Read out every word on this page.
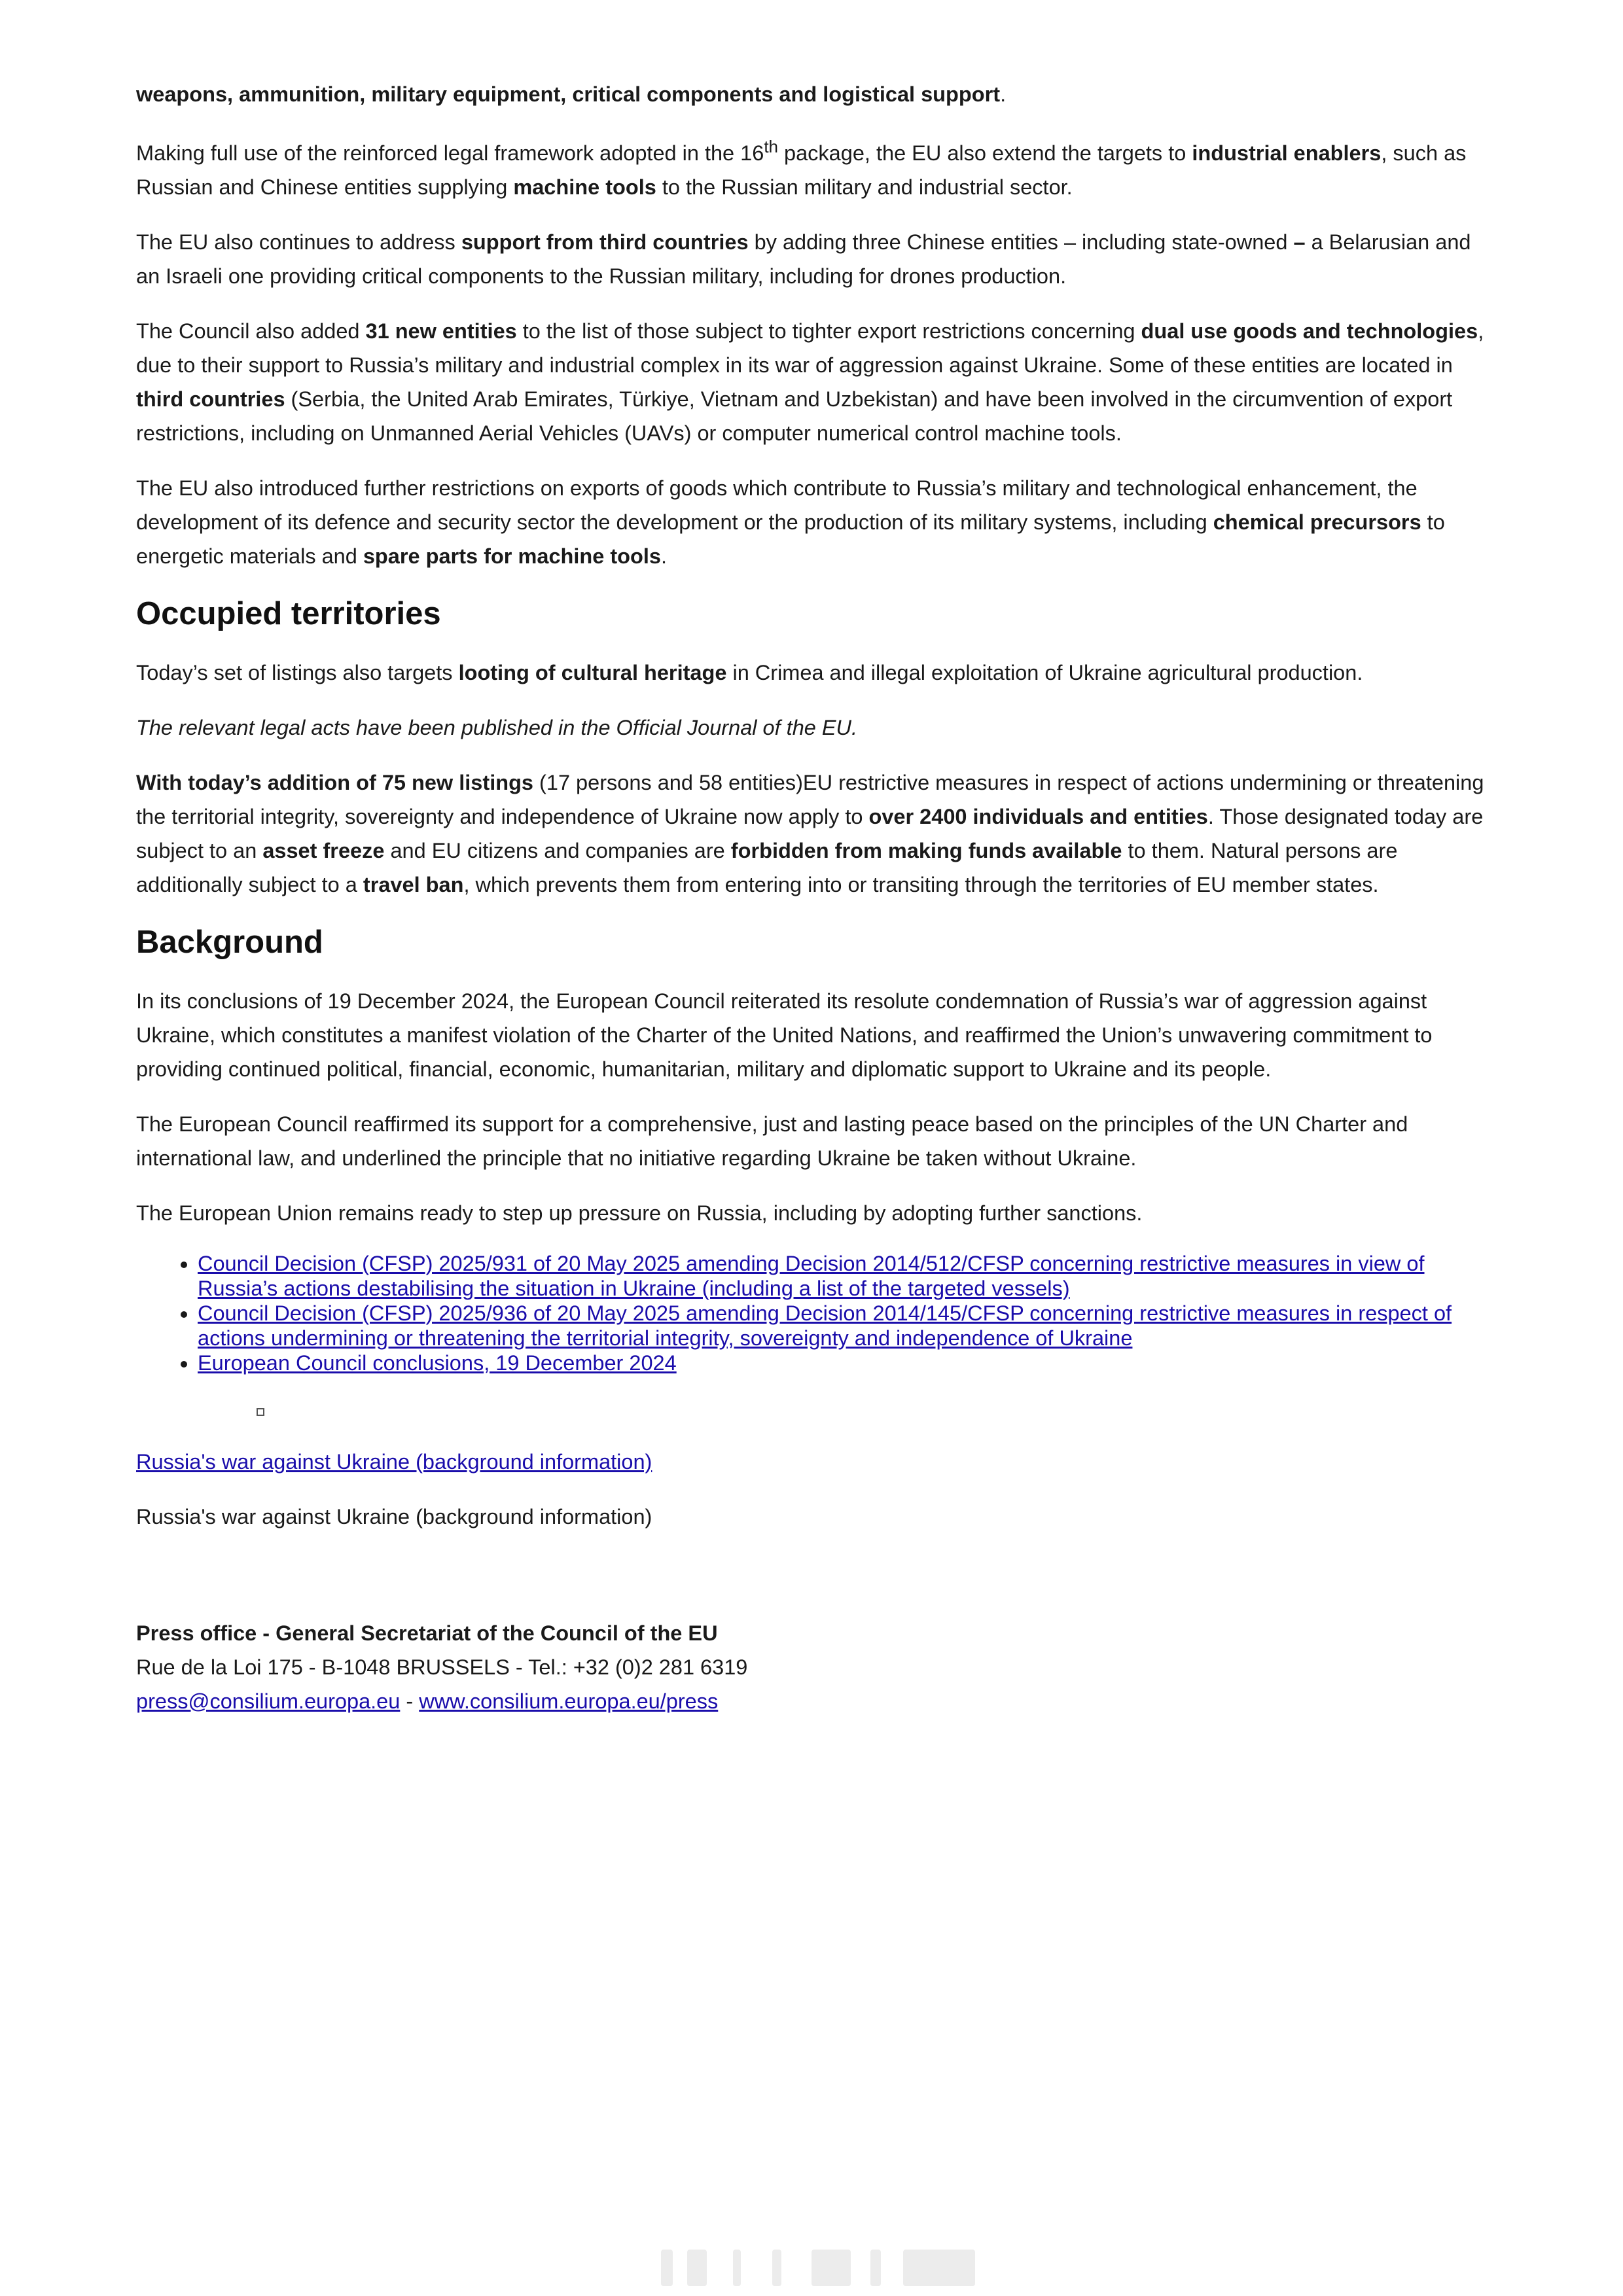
weapons, ammunition, military equipment, critical components and logistical support.

Making full use of the reinforced legal framework adopted in the 16th package, the EU also extend the targets to industrial enablers, such as Russian and Chinese entities supplying machine tools to the Russian military and industrial sector.

The EU also continues to address support from third countries by adding three Chinese entities – including state-owned – a Belarusian and an Israeli one providing critical components to the Russian military, including for drones production.

The Council also added 31 new entities to the list of those subject to tighter export restrictions concerning dual use goods and technologies, due to their support to Russia’s military and industrial complex in its war of aggression against Ukraine. Some of these entities are located in third countries (Serbia, the United Arab Emirates, Türkiye, Vietnam and Uzbekistan) and have been involved in the circumvention of export restrictions, including on Unmanned Aerial Vehicles (UAVs) or computer numerical control machine tools.

The EU also introduced further restrictions on exports of goods which contribute to Russia’s military and technological enhancement, the development of its defence and security sector the development or the production of its military systems, including chemical precursors to energetic materials and spare parts for machine tools.

Occupied territories

Today’s set of listings also targets looting of cultural heritage in Crimea and illegal exploitation of Ukraine agricultural production.

The relevant legal acts have been published in the Official Journal of the EU.

With today’s addition of 75 new listings (17 persons and 58 entities)EU restrictive measures in respect of actions undermining or threatening the territorial integrity, sovereignty and independence of Ukraine now apply to over 2400 individuals and entities. Those designated today are subject to an asset freeze and EU citizens and companies are forbidden from making funds available to them. Natural persons are additionally subject to a travel ban, which prevents them from entering into or transiting through the territories of EU member states.

Background

In its conclusions of 19 December 2024, the European Council reiterated its resolute condemnation of Russia’s war of aggression against Ukraine, which constitutes a manifest violation of the Charter of the United Nations, and reaffirmed the Union’s unwavering commitment to providing continued political, financial, economic, humanitarian, military and diplomatic support to Ukraine and its people.

The European Council reaffirmed its support for a comprehensive, just and lasting peace based on the principles of the UN Charter and international law, and underlined the principle that no initiative regarding Ukraine be taken without Ukraine.

The European Union remains ready to step up pressure on Russia, including by adopting further sanctions.

• Council Decision (CFSP) 2025/931 of 20 May 2025 amending Decision 2014/512/CFSP concerning restrictive measures in view of Russia’s actions destabilising the situation in Ukraine (including a list of the targeted vessels)
• Council Decision (CFSP) 2025/936 of 20 May 2025 amending Decision 2014/145/CFSP concerning restrictive measures in respect of actions undermining or threatening the territorial integrity, sovereignty and independence of Ukraine
• European Council conclusions, 19 December 2024

Russia's war against Ukraine (background information)

Russia's war against Ukraine (background information)

Press office - General Secretariat of the Council of the EU
Rue de la Loi 175 - B-1048 BRUSSELS - Tel.: +32 (0)2 281 6319
press@consilium.europa.eu - www.consilium.europa.eu/press
